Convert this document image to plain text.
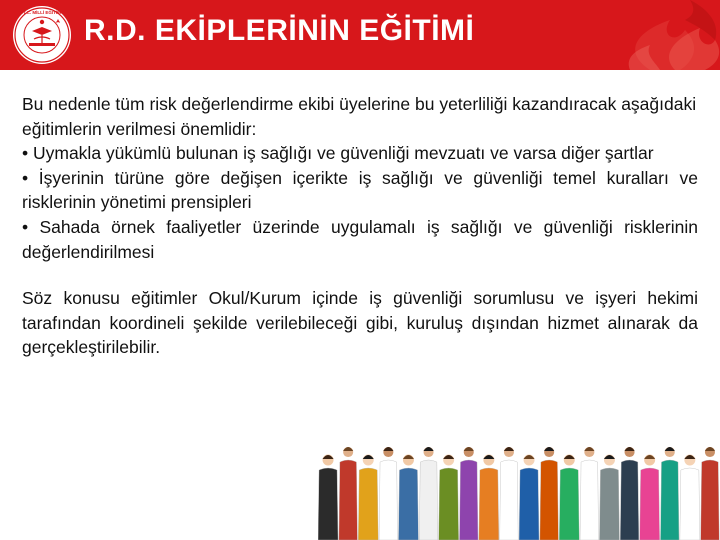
T.C. MİLLİ EĞİTİM
R.D. EKİPLERİNİN EĞİTİMİ

Bu nedenle tüm risk değerlendirme ekibi üyelerine bu yeterliliği kazandıracak aşağıdaki eğitimlerin verilmesi önemlidir:

• Uymakla yükümlü bulunan iş sağlığı ve güvenliği mevzuatı ve varsa diğer şartlar

• İşyerinin türüne göre değişen içerikte iş sağlığı ve güvenliği temel kuralları ve risklerinin yönetimi prensipleri

• Sahada örnek faaliyetler üzerinde uygulamalı iş sağlığı ve güvenliği risklerinin değerlendirilmesi

Söz konusu eğitimler Okul/Kurum içinde iş güvenliği sorumlusu ve işyeri hekimi tarafından koordineli şekilde verilebileceği gibi, kuruluş dışından hizmet alınarak da gerçekleştirilebilir.
